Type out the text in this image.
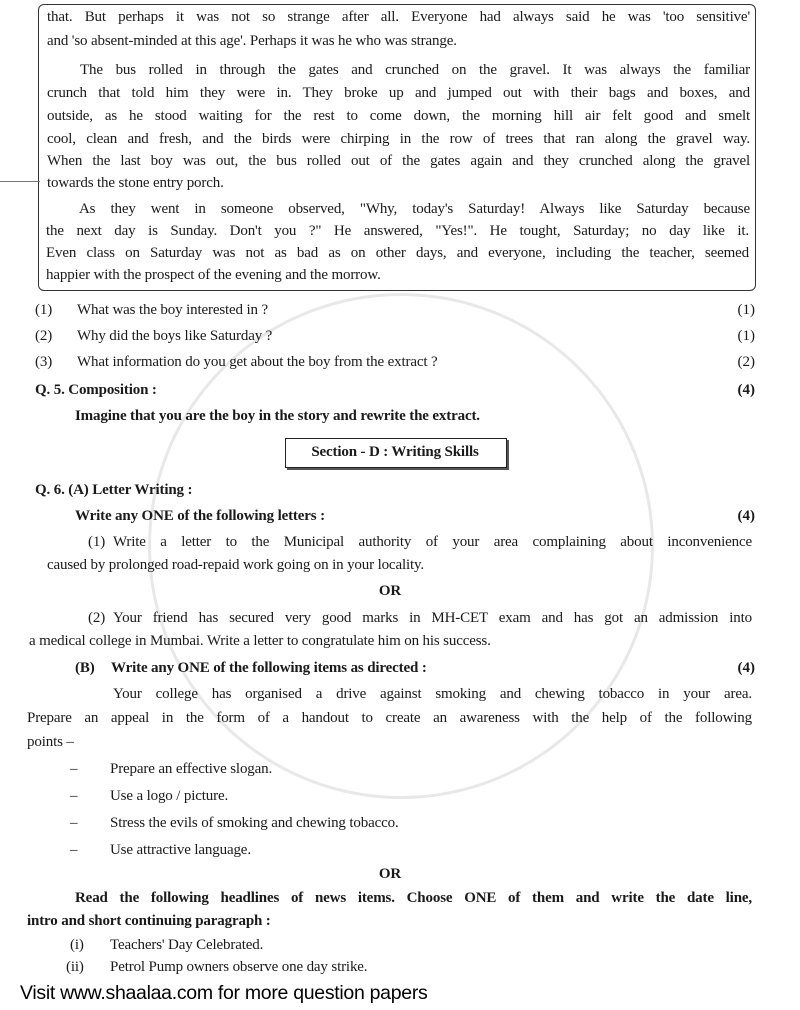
that. But perhaps it was not so strange after all. Everyone had always said he was 'too sensitive'
and 'so absent-minded at this age'. Perhaps it was he who was strange.
The bus rolled in through the gates and crunched on the gravel. It was always the familiar
crunch that told him they were in. They broke up and jumped out with their bags and boxes, and
outside, as he stood waiting for the rest to come down, the morning hill air felt good and smelt
cool, clean and fresh, and the birds were chirping in the row of trees that ran along the gravel way.
When the last boy was out, the bus rolled out of the gates again and they crunched along the gravel
towards the stone entry porch.
As they went in someone observed, "Why, today's Saturday! Always like Saturday because
the next day is Sunday. Don't you ?" He answered, "Yes!". He tought, Saturday; no day like it.
Even class on Saturday was not as bad as on other days, and everyone, including the teacher, seemed
happier with the prospect of the evening and the morrow.
(1) What was the boy interested in ?	(1)
(2) Why did the boys like Saturday ?	(1)
(3) What information do you get about the boy from the extract ?	(2)
Q. 5. Composition :	(4)
Imagine that you are the boy in the story and rewrite the extract.
Section - D : Writing Skills
Q. 6. (A) Letter Writing :
Write any ONE of the following letters :	(4)
(1) Write a letter to the Municipal authority of your area complaining about inconvenience
caused by prolonged road-repaid work going on in your locality.
OR
(2) Your friend has secured very good marks in MH-CET exam and has got an admission into
a medical college in Mumbai. Write a letter to congratulate him on his success.
(B) Write any ONE of the following items as directed :	(4)
Your college has organised a drive against smoking and chewing tobacco in your area.
Prepare an appeal in the form of a handout to create an awareness with the help of the following
points –
– Prepare an effective slogan.
– Use a logo / picture.
– Stress the evils of smoking and chewing tobacco.
– Use attractive language.
OR
Read the following headlines of news items. Choose ONE of them and write the date line,
intro and short continuing paragraph :
(i) Teachers' Day Celebrated.
(ii) Petrol Pump owners observe one day strike.
Visit www.shaalaa.com for more question papers
